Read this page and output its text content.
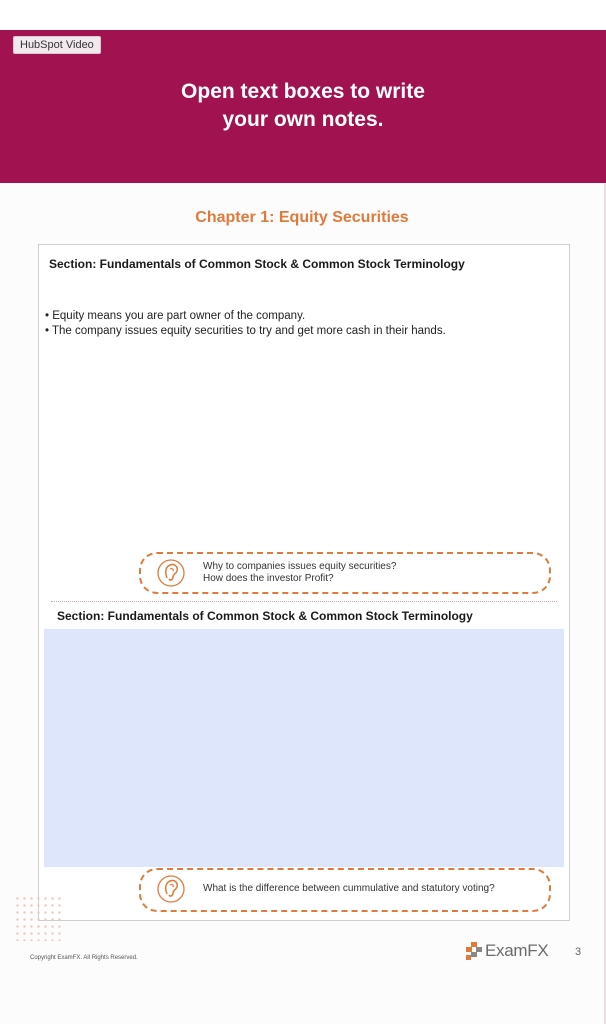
HubSpot Video
Open text boxes to write
your own notes.
Chapter 1: Equity Securities
Section: Fundamentals of Common Stock & Common Stock Terminology
• Equity means you are part owner of the company.
• The company issues equity securities to try and get more cash in their hands.
Why to companies issues equity securities?
How does the investor Profit?
Section: Fundamentals of Common Stock & Common Stock Terminology
What is the difference between cummulative and statutory voting?
Copyright ExamFX. All Rights Reserved.	ExamFX 3
